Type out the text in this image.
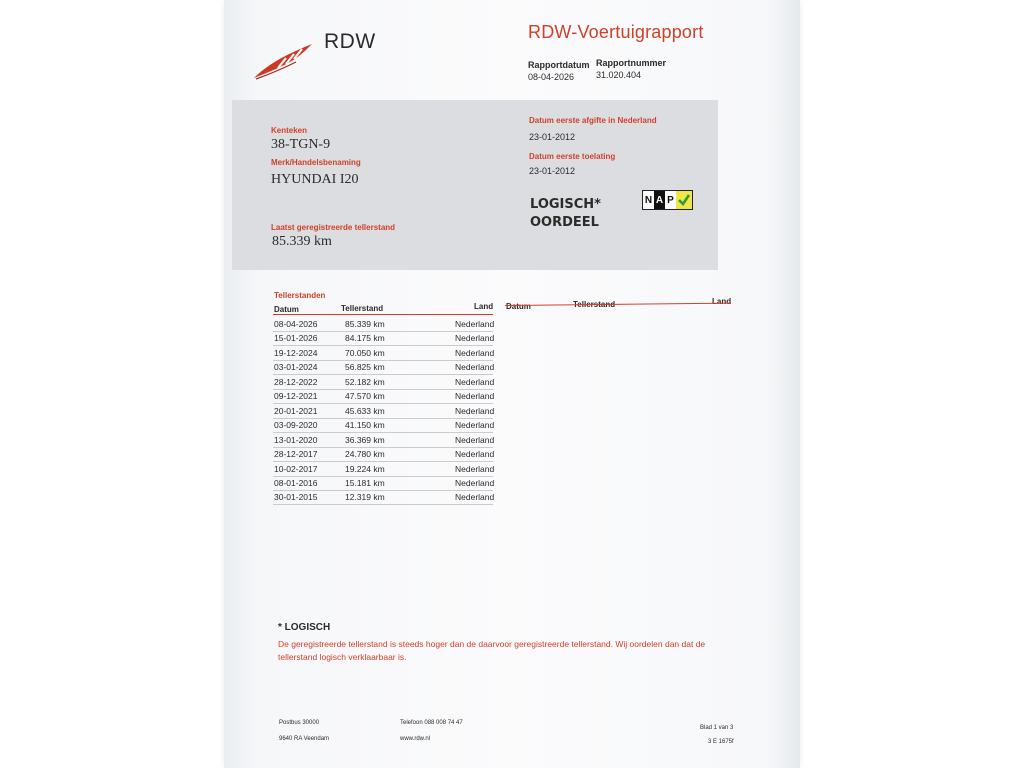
RDW	RDW-Voertuigrapport
Rapportdatum
08-04-2026
Rapportnummer
31.020.404
Kenteken
38-TGN-9
Merk/Handelsbenaming
HYUNDAI I20
Laatst geregistreerde tellerstand
85.339 km
Datum eerste afgifte in Nederland
23-01-2012
Datum eerste toelating
23-01-2012
LOGISCH*
OORDEEL
N A P
Tellerstanden
Datum	Tellerstand	Land Datum	Tellerstand	Land
08-04-2026	85.339 km	Nederland
15-01-2026	84.175 km	Nederland
19-12-2024	70.050 km	Nederland
03-01-2024	56.825 km	Nederland
28-12-2022	52.182 km	Nederland
09-12-2021	47.570 km	Nederland
20-01-2021	45.633 km	Nederland
03-09-2020	41.150 km	Nederland
13-01-2020	36.369 km	Nederland
28-12-2017	24.780 km	Nederland
10-02-2017	19.224 km	Nederland
08-01-2016	15.181 km	Nederland
30-01-2015	12.319 km	Nederland
* LOGISCH
De geregistreerde tellerstand is steeds hoger dan de daarvoor geregistreerde tellerstand. Wij oordelen dan dat de tellerstand logisch verklaarbaar is.
Postbus 30000
9640 RA Veendam
Telefoon 088 008 74 47
www.rdw.nl
Blad 1 van 3
3 E 1675f
